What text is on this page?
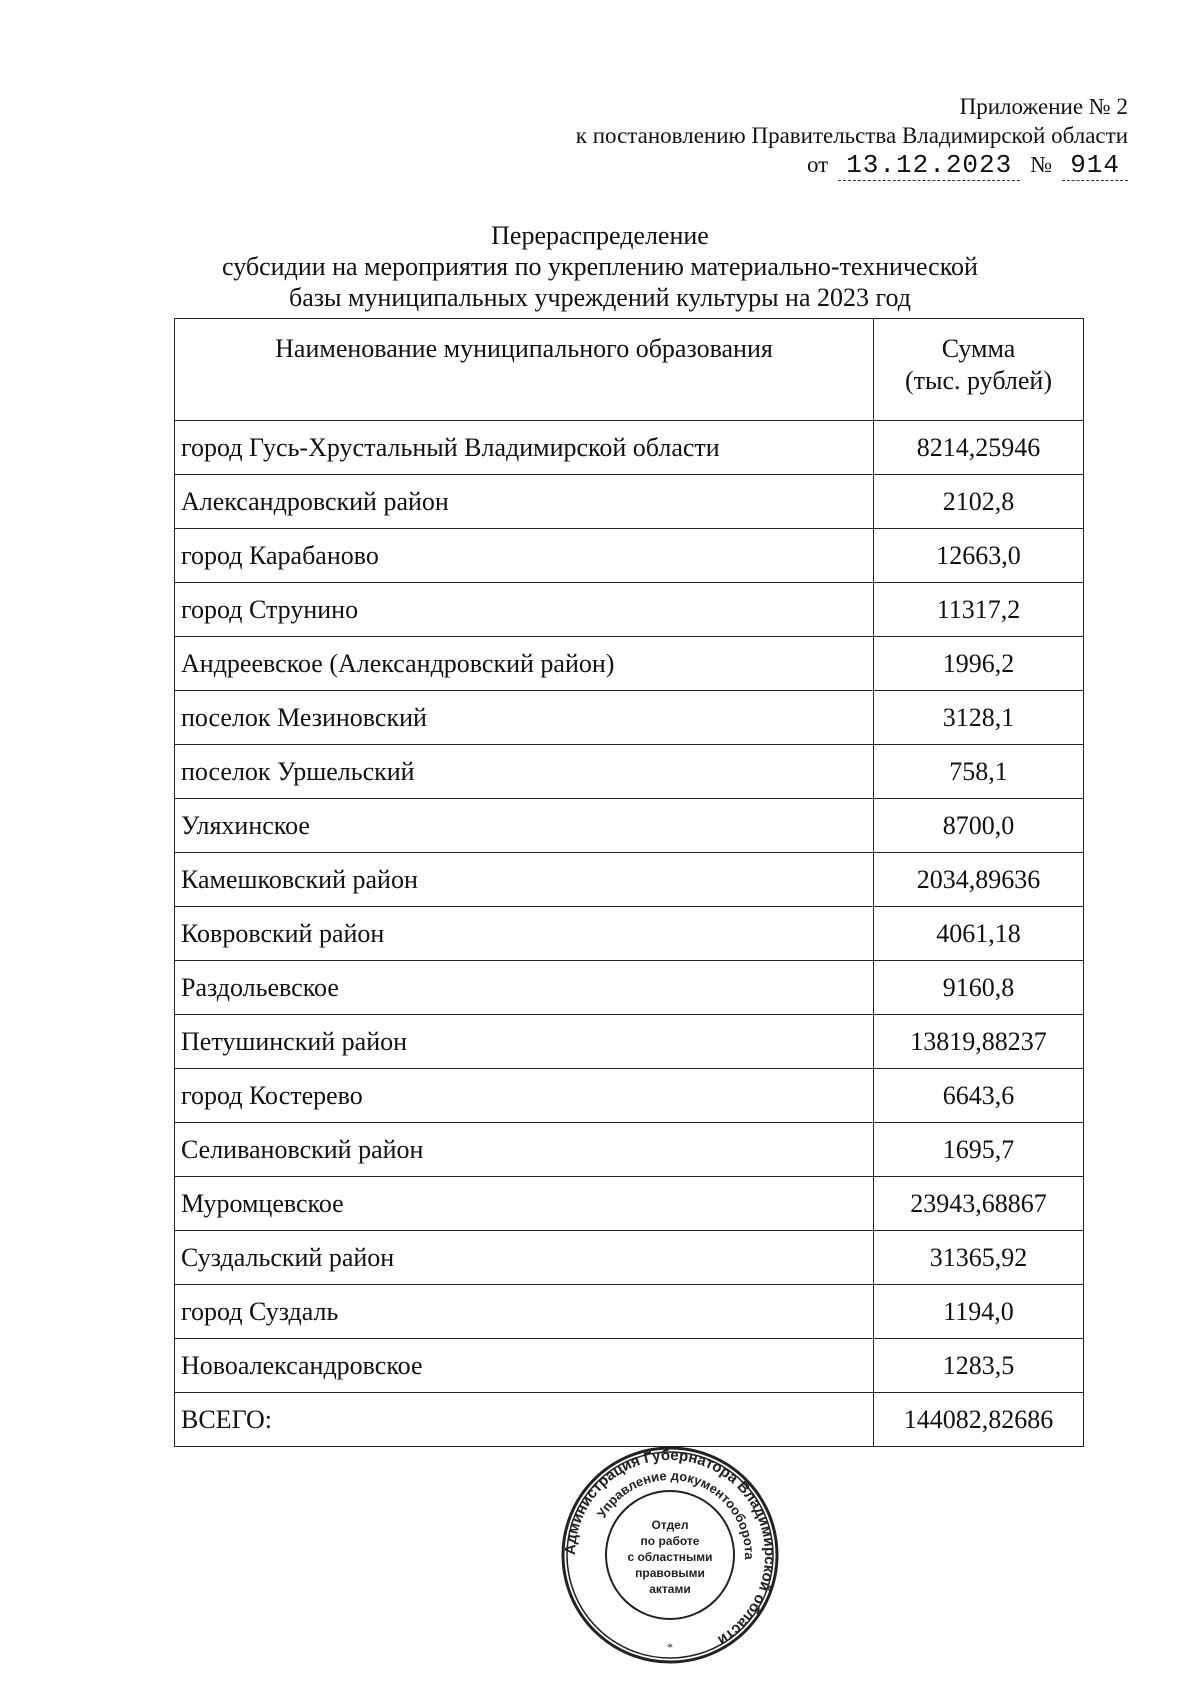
Приложение № 2
к постановлению Правительства Владимирской области
от 13.12.2023 № 914
Перераспределение
субсидии на мероприятия по укреплению материально-технической
базы муниципальных учреждений культуры на 2023 год
Наименование муниципального образования	Сумма
(тыс. рублей)

город Гусь-Хрустальный Владимирской области	8214,25946
Александровский район	2102,8
город Карабаново	12663,0
город Струнино	11317,2
Андреевское (Александровский район)	1996,2
поселок Мезиновский	3128,1
поселок Уршельский	758,1
Уляхинское	8700,0
Камешковский район	2034,89636
Ковровский район	4061,18
Раздольевское	9160,8
Петушинский район	13819,88237
город Костерево	6643,6
Селивановский район	1695,7
Муромцевское	23943,68867
Суздальский район	31365,92
город Суздаль	1194,0
Новоалександровское	1283,5
ВСЕГО:	144082,82686
Администрация Губернатора Владимирской области
Управление документооборота
Отдел
по работе
с областными
правовыми
актами
*
